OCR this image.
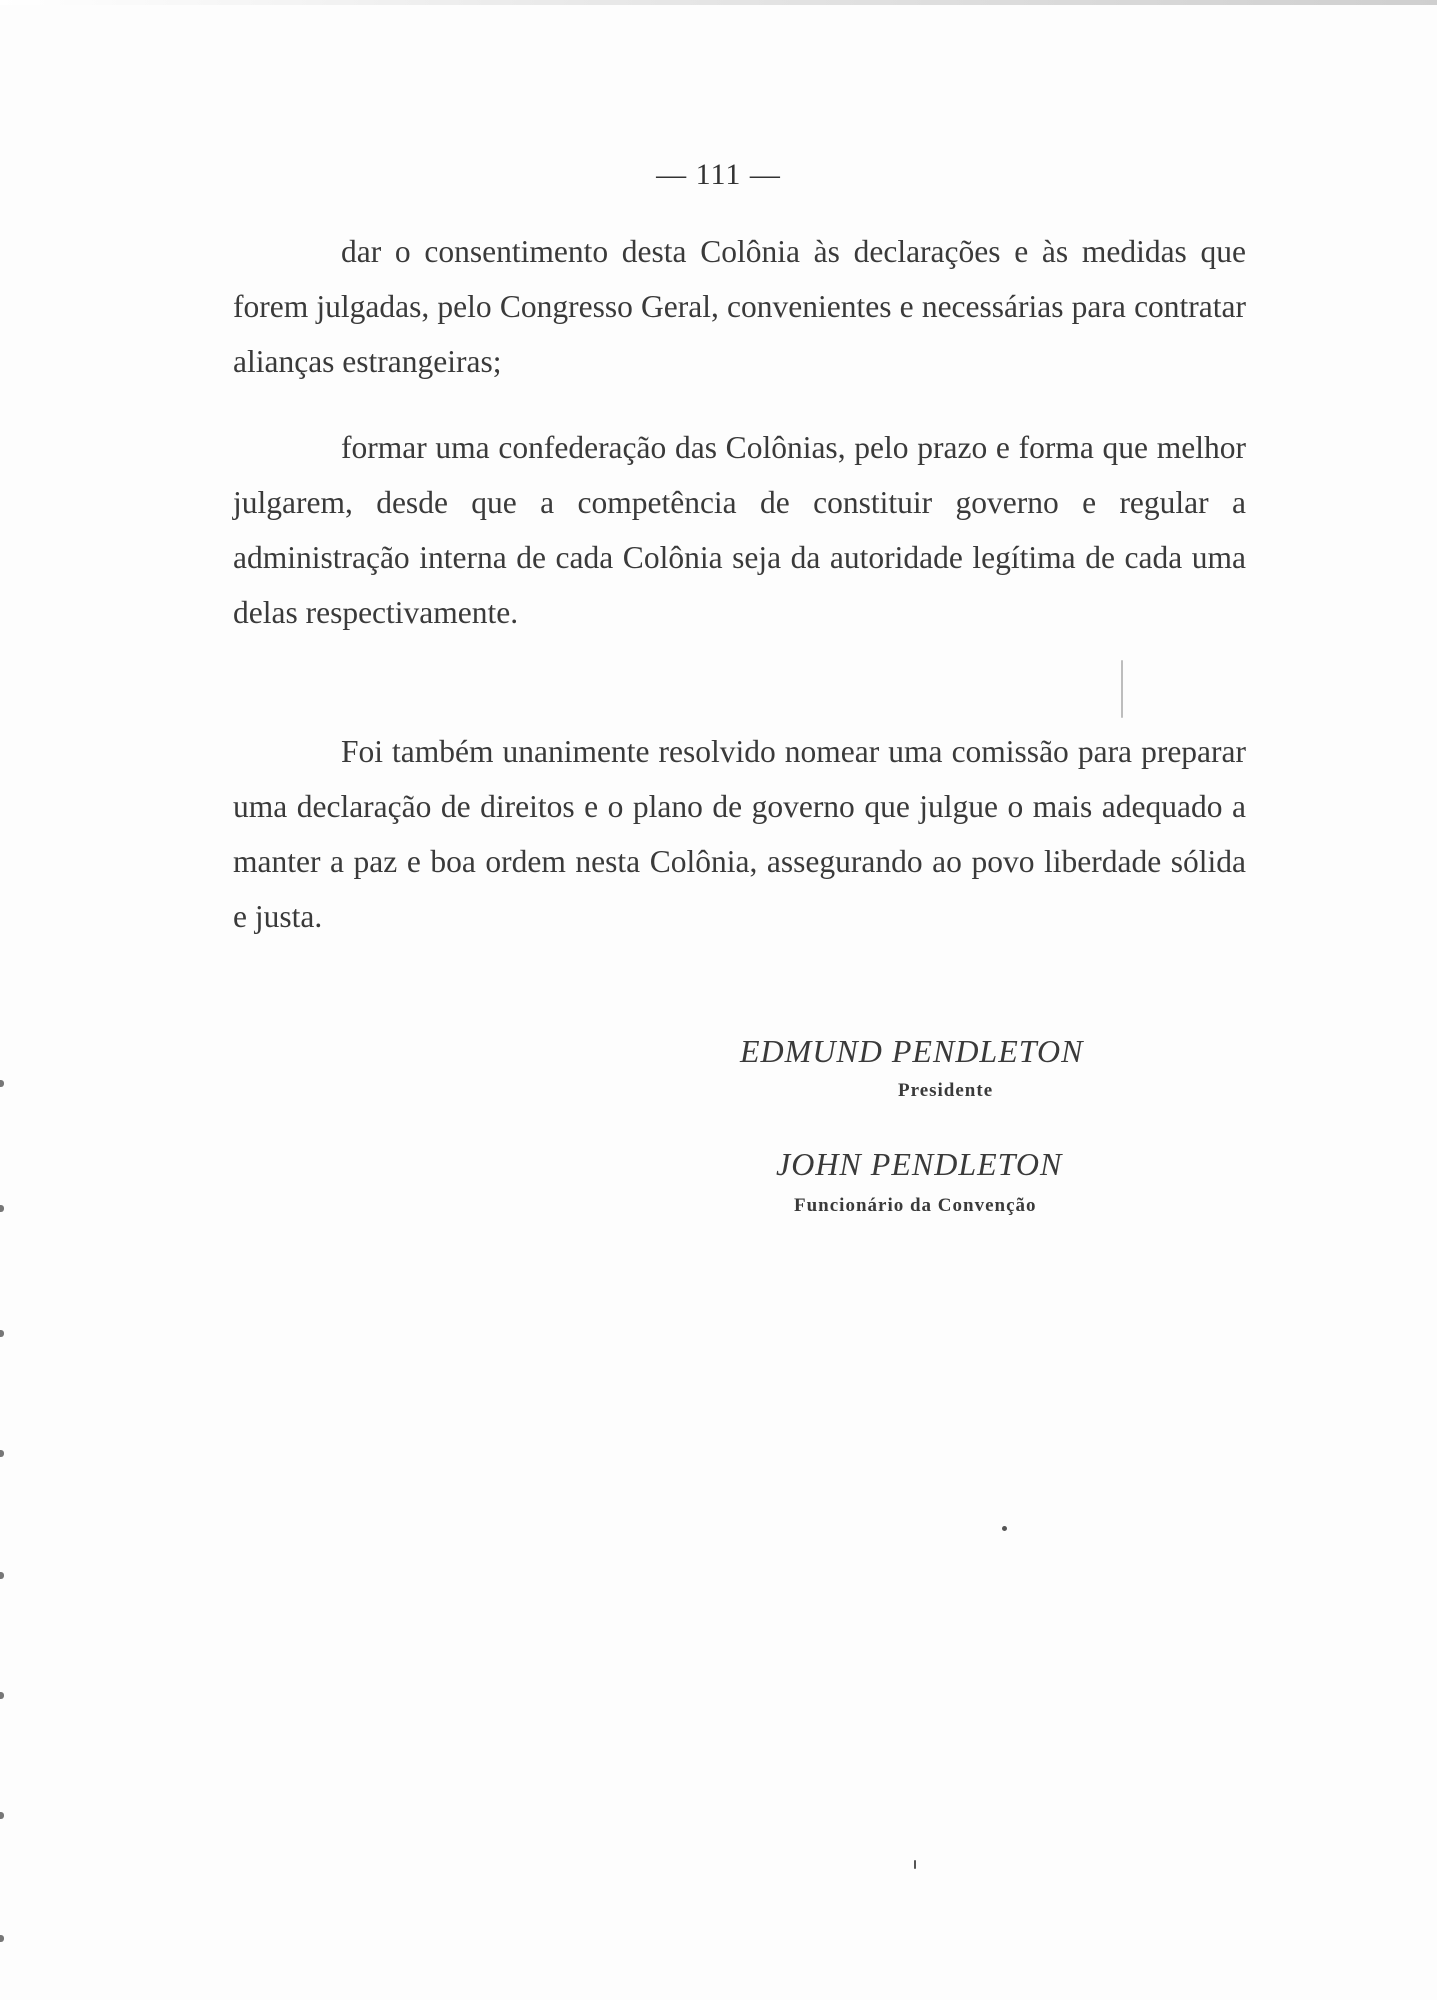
— 111 —

dar o consentimento desta Colônia às declarações e às medidas que forem julgadas, pelo Congresso Geral, convenientes e necessárias para contratar alianças estrangeiras;

formar uma confederação das Colônias, pelo prazo e forma que melhor julgarem, desde que a competência de constituir governo e regular a administração interna de cada Colônia seja da autoridade legítima de cada uma delas respectivamente.

Foi também unanimente resolvido nomear uma comissão para preparar uma declaração de direitos e o plano de governo que julgue o mais adequado a manter a paz e boa ordem nesta Colônia, assegurando ao povo liberdade sólida e justa.

EDMUND PENDLETON
Presidente
JOHN PENDLETON
Funcionário da Convenção
